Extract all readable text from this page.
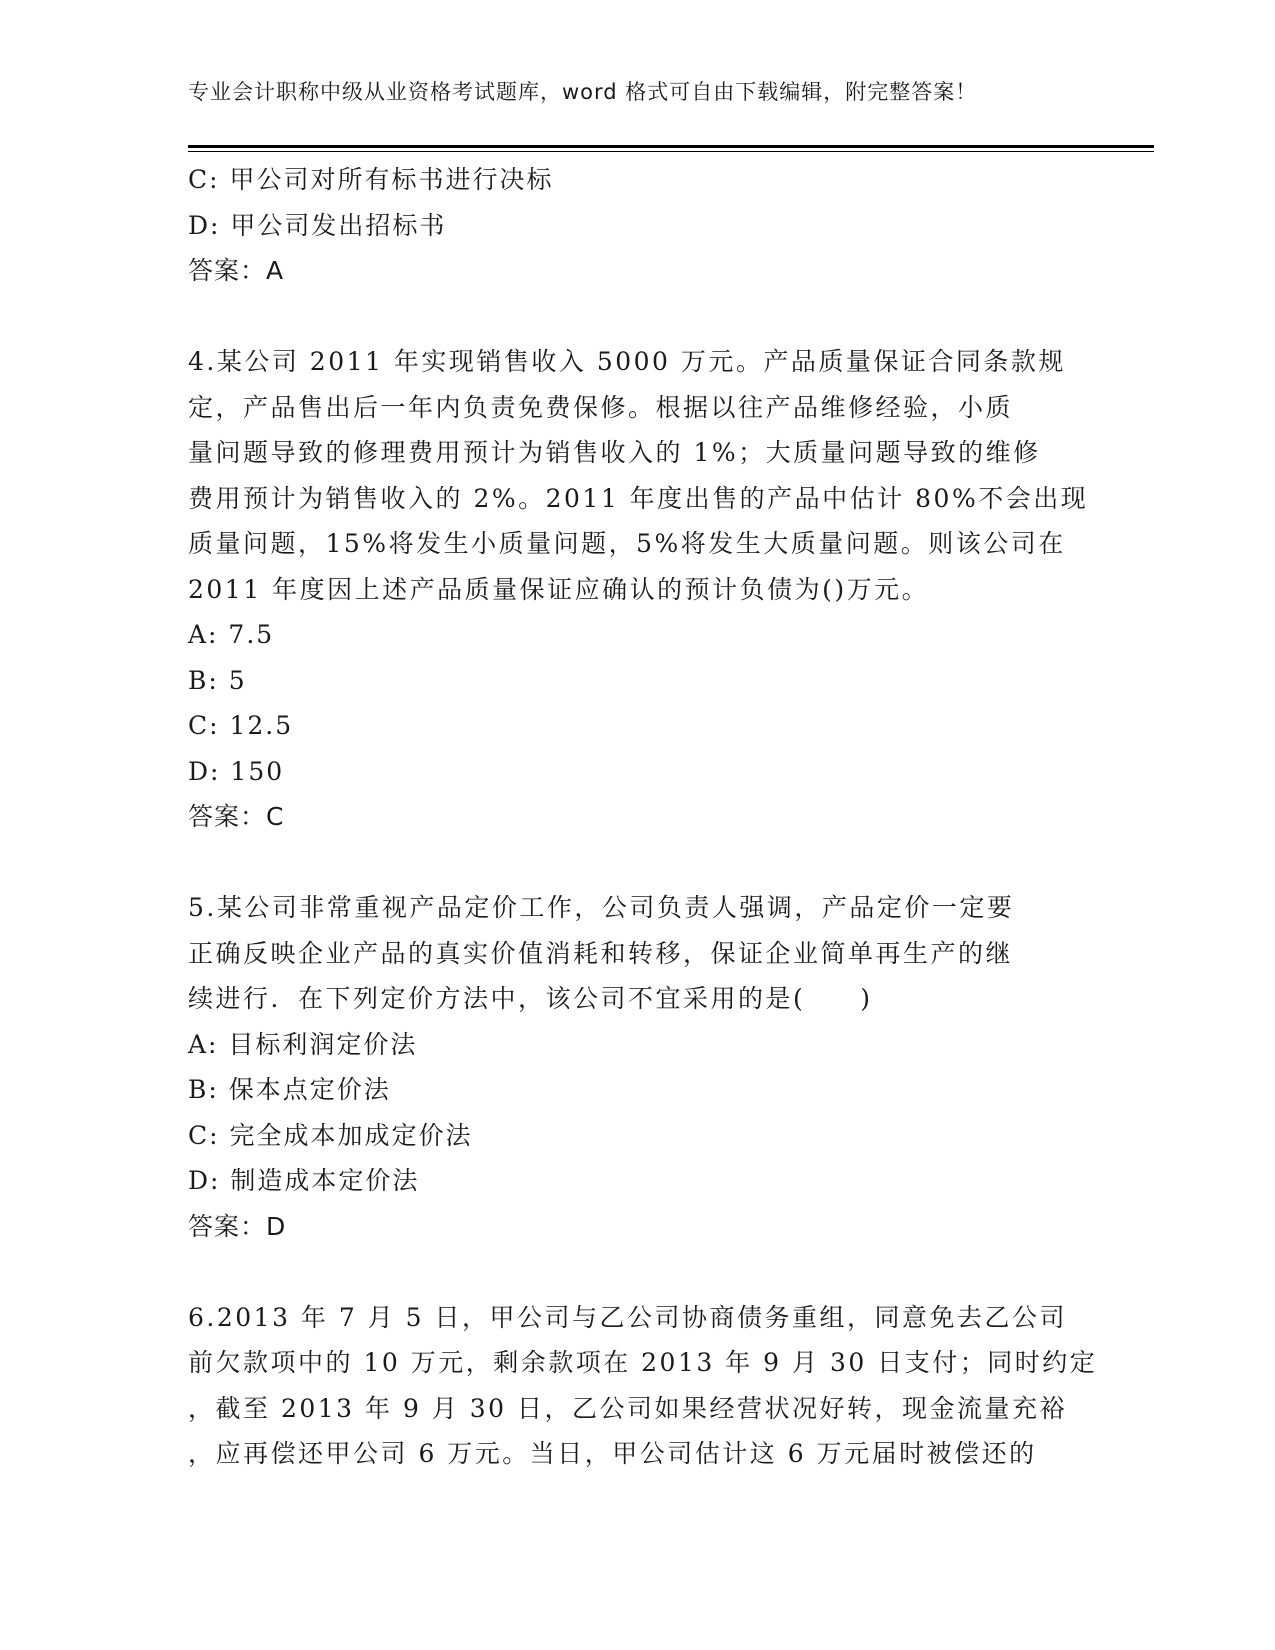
专业会计职称中级从业资格考试题库，word 格式可自由下载编辑，附完整答案！
C: 甲公司对所有标书进行决标
D: 甲公司发出招标书
答案：A
4.某公司 2011 年实现销售收入 5000 万元。产品质量保证合同条款规
定，产品售出后一年内负责免费保修。根据以往产品维修经验，小质
量问题导致的修理费用预计为销售收入的 1%；大质量问题导致的维修
费用预计为销售收入的 2%。2011 年度出售的产品中估计 80%不会出现
质量问题，15%将发生小质量问题，5%将发生大质量问题。则该公司在
2011 年度因上述产品质量保证应确认的预计负债为()万元。
A: 7.5
B: 5
C: 12.5
D: 150
答案：C
5.某公司非常重视产品定价工作，公司负责人强调，产品定价一定要
正确反映企业产品的真实价值消耗和转移，保证企业简单再生产的继
续进行．在下列定价方法中，该公司不宜采用的是(　　)
A: 目标利润定价法
B: 保本点定价法
C: 完全成本加成定价法
D: 制造成本定价法
答案：D
6.2013 年 7 月 5 日，甲公司与乙公司协商债务重组，同意免去乙公司
前欠款项中的 10 万元，剩余款项在 2013 年 9 月 30 日支付；同时约定
，截至 2013 年 9 月 30 日，乙公司如果经营状况好转，现金流量充裕
，应再偿还甲公司 6 万元。当日，甲公司估计这 6 万元届时被偿还的
